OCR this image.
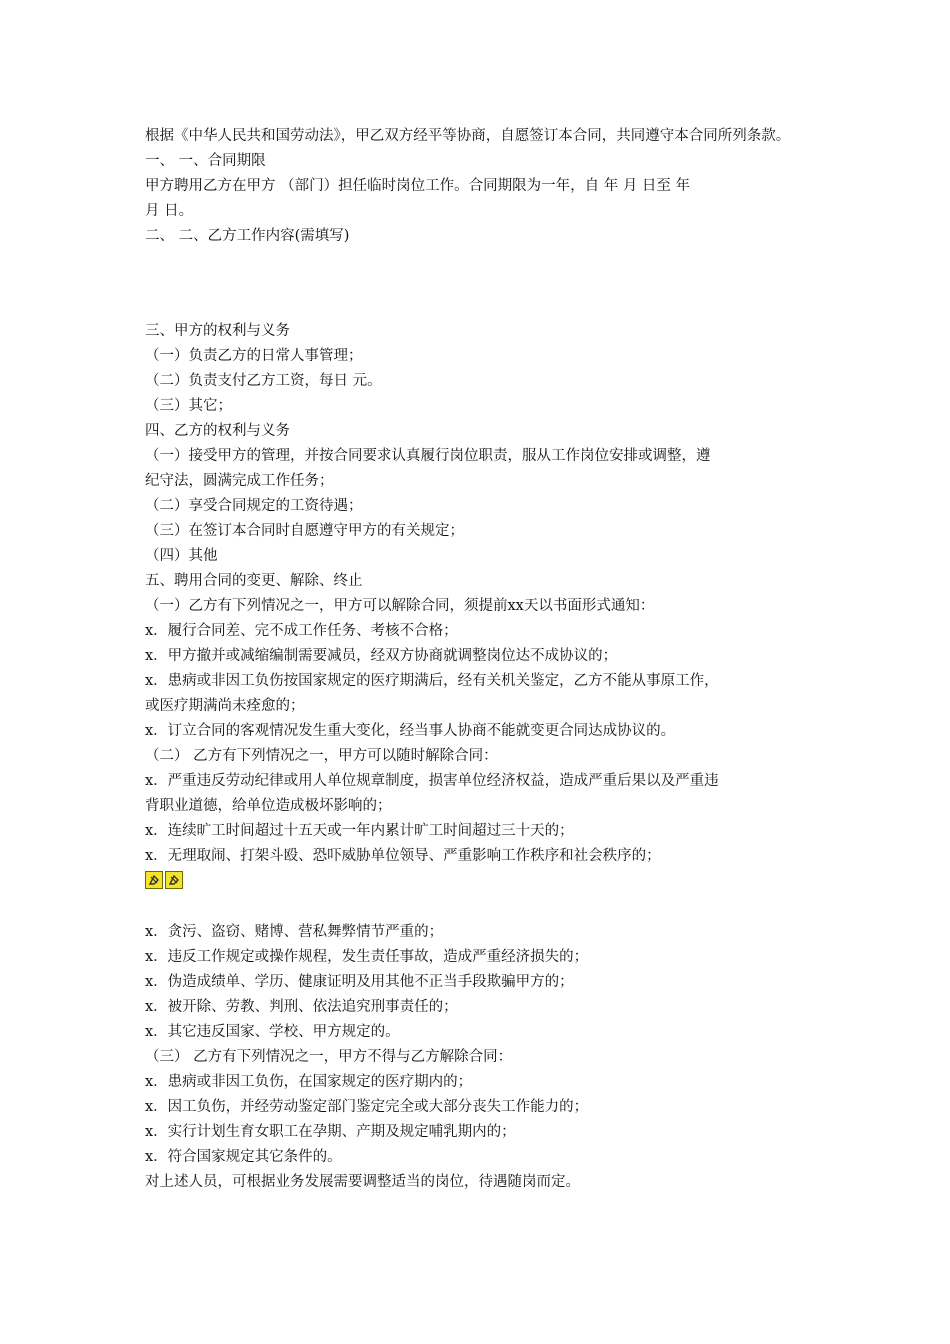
根据《中华人民共和国劳动法》，甲乙双方经平等协商，自愿签订本合同，共同遵守本合同所列条款。
一、 一、合同期限
甲方聘用乙方在甲方 （部门）担任临时岗位工作。合同期限为一年，自 年 月 日至 年
月 日。
二、 二、乙方工作内容(需填写)
三、甲方的权利与义务
（一）负责乙方的日常人事管理；
（二）负责支付乙方工资，每日 元。
（三）其它；
四、乙方的权利与义务
（一）接受甲方的管理，并按合同要求认真履行岗位职责，服从工作岗位安排或调整，遵
纪守法，圆满完成工作任务；
（二）享受合同规定的工资待遇；
（三）在签订本合同时自愿遵守甲方的有关规定；
（四）其他
五、聘用合同的变更、解除、终止
（一）乙方有下列情况之一，甲方可以解除合同，须提前xx天以书面形式通知：
x．履行合同差、完不成工作任务、考核不合格；
x．甲方撤并或减缩编制需要减员，经双方协商就调整岗位达不成协议的；
x．患病或非因工负伤按国家规定的医疗期满后，经有关机关鉴定，乙方不能从事原工作，
或医疗期满尚未痊愈的；
x．订立合同的客观情况发生重大变化，经当事人协商不能就变更合同达成协议的。
（二） 乙方有下列情况之一，甲方可以随时解除合同：
x．严重违反劳动纪律或用人单位规章制度，损害单位经济权益，造成严重后果以及严重违
背职业道德，给单位造成极坏影响的；
x．连续旷工时间超过十五天或一年内累计旷工时间超过三十天的；
x．无理取闹、打架斗殴、恐吓威胁单位领导、严重影响工作秩序和社会秩序的；
x．贪污、盗窃、赌博、营私舞弊情节严重的；
x．违反工作规定或操作规程，发生责任事故，造成严重经济损失的；
x．伪造成绩单、学历、健康证明及用其他不正当手段欺骗甲方的；
x．被开除、劳教、判刑、依法追究刑事责任的；
x．其它违反国家、学校、甲方规定的。
（三） 乙方有下列情况之一，甲方不得与乙方解除合同：
x．患病或非因工负伤，在国家规定的医疗期内的；
x．因工负伤，并经劳动鉴定部门鉴定完全或大部分丧失工作能力的；
x．实行计划生育女职工在孕期、产期及规定哺乳期内的；
x．符合国家规定其它条件的。
对上述人员，可根据业务发展需要调整适当的岗位，待遇随岗而定。
